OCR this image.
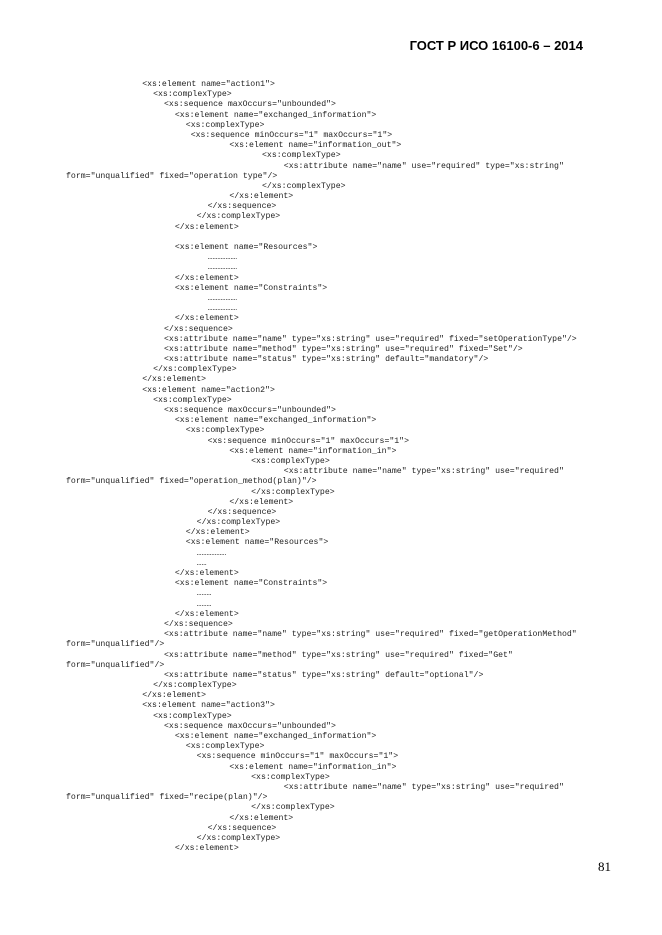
ГОСТ Р ИСО 16100-6 – 2014
<xs:element name="action1">
<xs:complexType>
<xs:sequence maxOccurs="unbounded">
<xs:element name="exchanged_information">
<xs:complexType>
<xs:sequence minOccurs="1" maxOccurs="1">
<xs:element name="information_out">
<xs:complexType>
<xs:attribute name="name" use="required" type="xs:string"
form="unqualified" fixed="operation type"/>
</xs:complexType>
</xs:element>
</xs:sequence>
</xs:complexType>
</xs:element>
<xs:element name="Resources">
………………
………………
</xs:element>
<xs:element name="Constraints">
………………
………………
</xs:element>
</xs:sequence>
<xs:attribute name="name" type="xs:string" use="required" fixed="setOperationType"/>
<xs:attribute name="method" type="xs:string" use="required" fixed="Set"/>
<xs:attribute name="status" type="xs:string" default="mandatory"/>
</xs:complexType>
</xs:element>
<xs:element name="action2">
<xs:complexType>
<xs:sequence maxOccurs="unbounded">
<xs:element name="exchanged_information">
<xs:complexType>
<xs:sequence minOccurs="1" maxOccurs="1">
<xs:element name="information_in">
<xs:complexType>
<xs:attribute name="name" type="xs:string" use="required"
form="unqualified" fixed="operation_method(plan)"/>
</xs:complexType>
</xs:element>
</xs:sequence>
</xs:complexType>
</xs:element>
<xs:element name="Resources">
………………
……
</xs:element>
<xs:element name="Constraints">
………
………
</xs:element>
</xs:sequence>
<xs:attribute name="name" type="xs:string" use="required" fixed="getOperationMethod"
form="unqualified"/>
<xs:attribute name="method" type="xs:string" use="required" fixed="Get"
form="unqualified"/>
<xs:attribute name="status" type="xs:string" default="optional"/>
</xs:complexType>
</xs:element>
<xs:element name="action3">
<xs:complexType>
<xs:sequence maxOccurs="unbounded">
<xs:element name="exchanged_information">
<xs:complexType>
<xs:sequence minOccurs="1" maxOccurs="1">
<xs:element name="information_in">
<xs:complexType>
<xs:attribute name="name" type="xs:string" use="required"
form="unqualified" fixed="recipe(plan)"/>
</xs:complexType>
</xs:element>
</xs:sequence>
</xs:complexType>
</xs:element>
81
